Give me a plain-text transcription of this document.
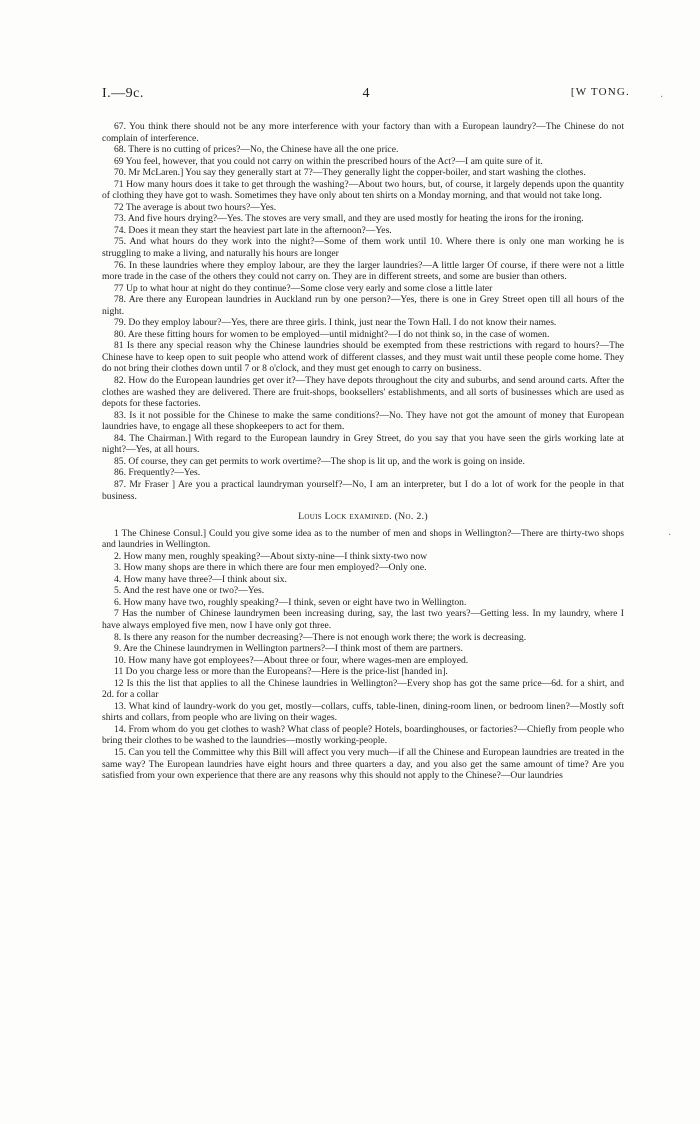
I.—9c.	4	[W TONG.	·
·

67. You think there should not be any more interference with your factory than with a European laundry?—The Chinese do not complain of interference.

68. There is no cutting of prices?—No, the Chinese have all the one price.

69 You feel, however, that you could not carry on within the prescribed hours of the Act?—I am quite sure of it.

70. Mr McLaren.] You say they generally start at 7?—They generally light the copper-boiler, and start washing the clothes.

71 How many hours does it take to get through the washing?—About two hours, but, of course, it largely depends upon the quantity of clothing they have got to wash. Sometimes they have only about ten shirts on a Monday morning, and that would not take long.

72 The average is about two hours?—Yes.

73. And five hours drying?—Yes. The stoves are very small, and they are used mostly for heating the irons for the ironing.

74. Does it mean they start the heaviest part late in the afternoon?—Yes.

75. And what hours do they work into the night?—Some of them work until 10. Where there is only one man working he is struggling to make a living, and naturally his hours are longer

76. In these laundries where they employ labour, are they the larger laundries?—A little larger Of course, if there were not a little more trade in the case of the others they could not carry on. They are in different streets, and some are busier than others.

77 Up to what hour at night do they continue?—Some close very early and some close a little later

78. Are there any European laundries in Auckland run by one person?—Yes, there is one in Grey Street open till all hours of the night.

79. Do they employ labour?—Yes, there are three girls. I think, just near the Town Hall. I do not know their names.

80. Are these fitting hours for women to be employed—until midnight?—I do not think so, in the case of women.

81 Is there any special reason why the Chinese laundries should be exempted from these restrictions with regard to hours?—The Chinese have to keep open to suit people who attend work of different classes, and they must wait until these people come home. They do not bring their clothes down until 7 or 8 o'clock, and they must get enough to carry on business.

82. How do the European laundries get over it?—They have depots throughout the city and suburbs, and send around carts. After the clothes are washed they are delivered. There are fruit-shops, booksellers' establishments, and all sorts of businesses which are used as depots for these factories.

83. Is it not possible for the Chinese to make the same conditions?—No. They have not got the amount of money that European laundries have, to engage all these shopkeepers to act for them.

84. The Chairman.] With regard to the European laundry in Grey Street, do you say that you have seen the girls working late at night?—Yes, at all hours.

85. Of course, they can get permits to work overtime?—The shop is lit up, and the work is going on inside.

86. Frequently?—Yes.

87. Mr Fraser ] Are you a practical laundryman yourself?—No, I am an interpreter, but I do a lot of work for the people in that business.

Louis Lock examined. (No. 2.)

1 The Chinese Consul.] Could you give some idea as to the number of men and shops in Wellington?—There are thirty-two shops and laundries in Wellington.

2. How many men, roughly speaking?—About sixty-nine—I think sixty-two now

3. How many shops are there in which there are four men employed?—Only one.

4. How many have three?—I think about six.

5. And the rest have one or two?—Yes.

6. How many have two, roughly speaking?—I think, seven or eight have two in Wellington.

7 Has the number of Chinese laundrymen been increasing during, say, the last two years?—Getting less. In my laundry, where I have always employed five men, now I have only got three.

8. Is there any reason for the number decreasing?—There is not enough work there; the work is decreasing.

9. Are the Chinese laundrymen in Wellington partners?—I think most of them are partners.

10. How many have got employees?—About three or four, where wages-men are employed.

11 Do you charge less or more than the Europeans?—Here is the price-list [handed in].

12 Is this the list that applies to all the Chinese laundries in Wellington?—Every shop has got the same price—6d. for a shirt, and 2d. for a collar

13. What kind of laundry-work do you get, mostly—collars, cuffs, table-linen, dining-room linen, or bedroom linen?—Mostly soft shirts and collars, from people who are living on their wages.

14. From whom do you get clothes to wash? What class of people? Hotels, boardinghouses, or factories?—Chiefly from people who bring their clothes to be washed to the laundries—mostly working-people.

15. Can you tell the Committee why this Bill will affect you very much—if all the Chinese and European laundries are treated in the same way? The European laundries have eight hours and three quarters a day, and you also get the same amount of time? Are you satisfied from your own experience that there are any reasons why this should not apply to the Chinese?—Our laundries
